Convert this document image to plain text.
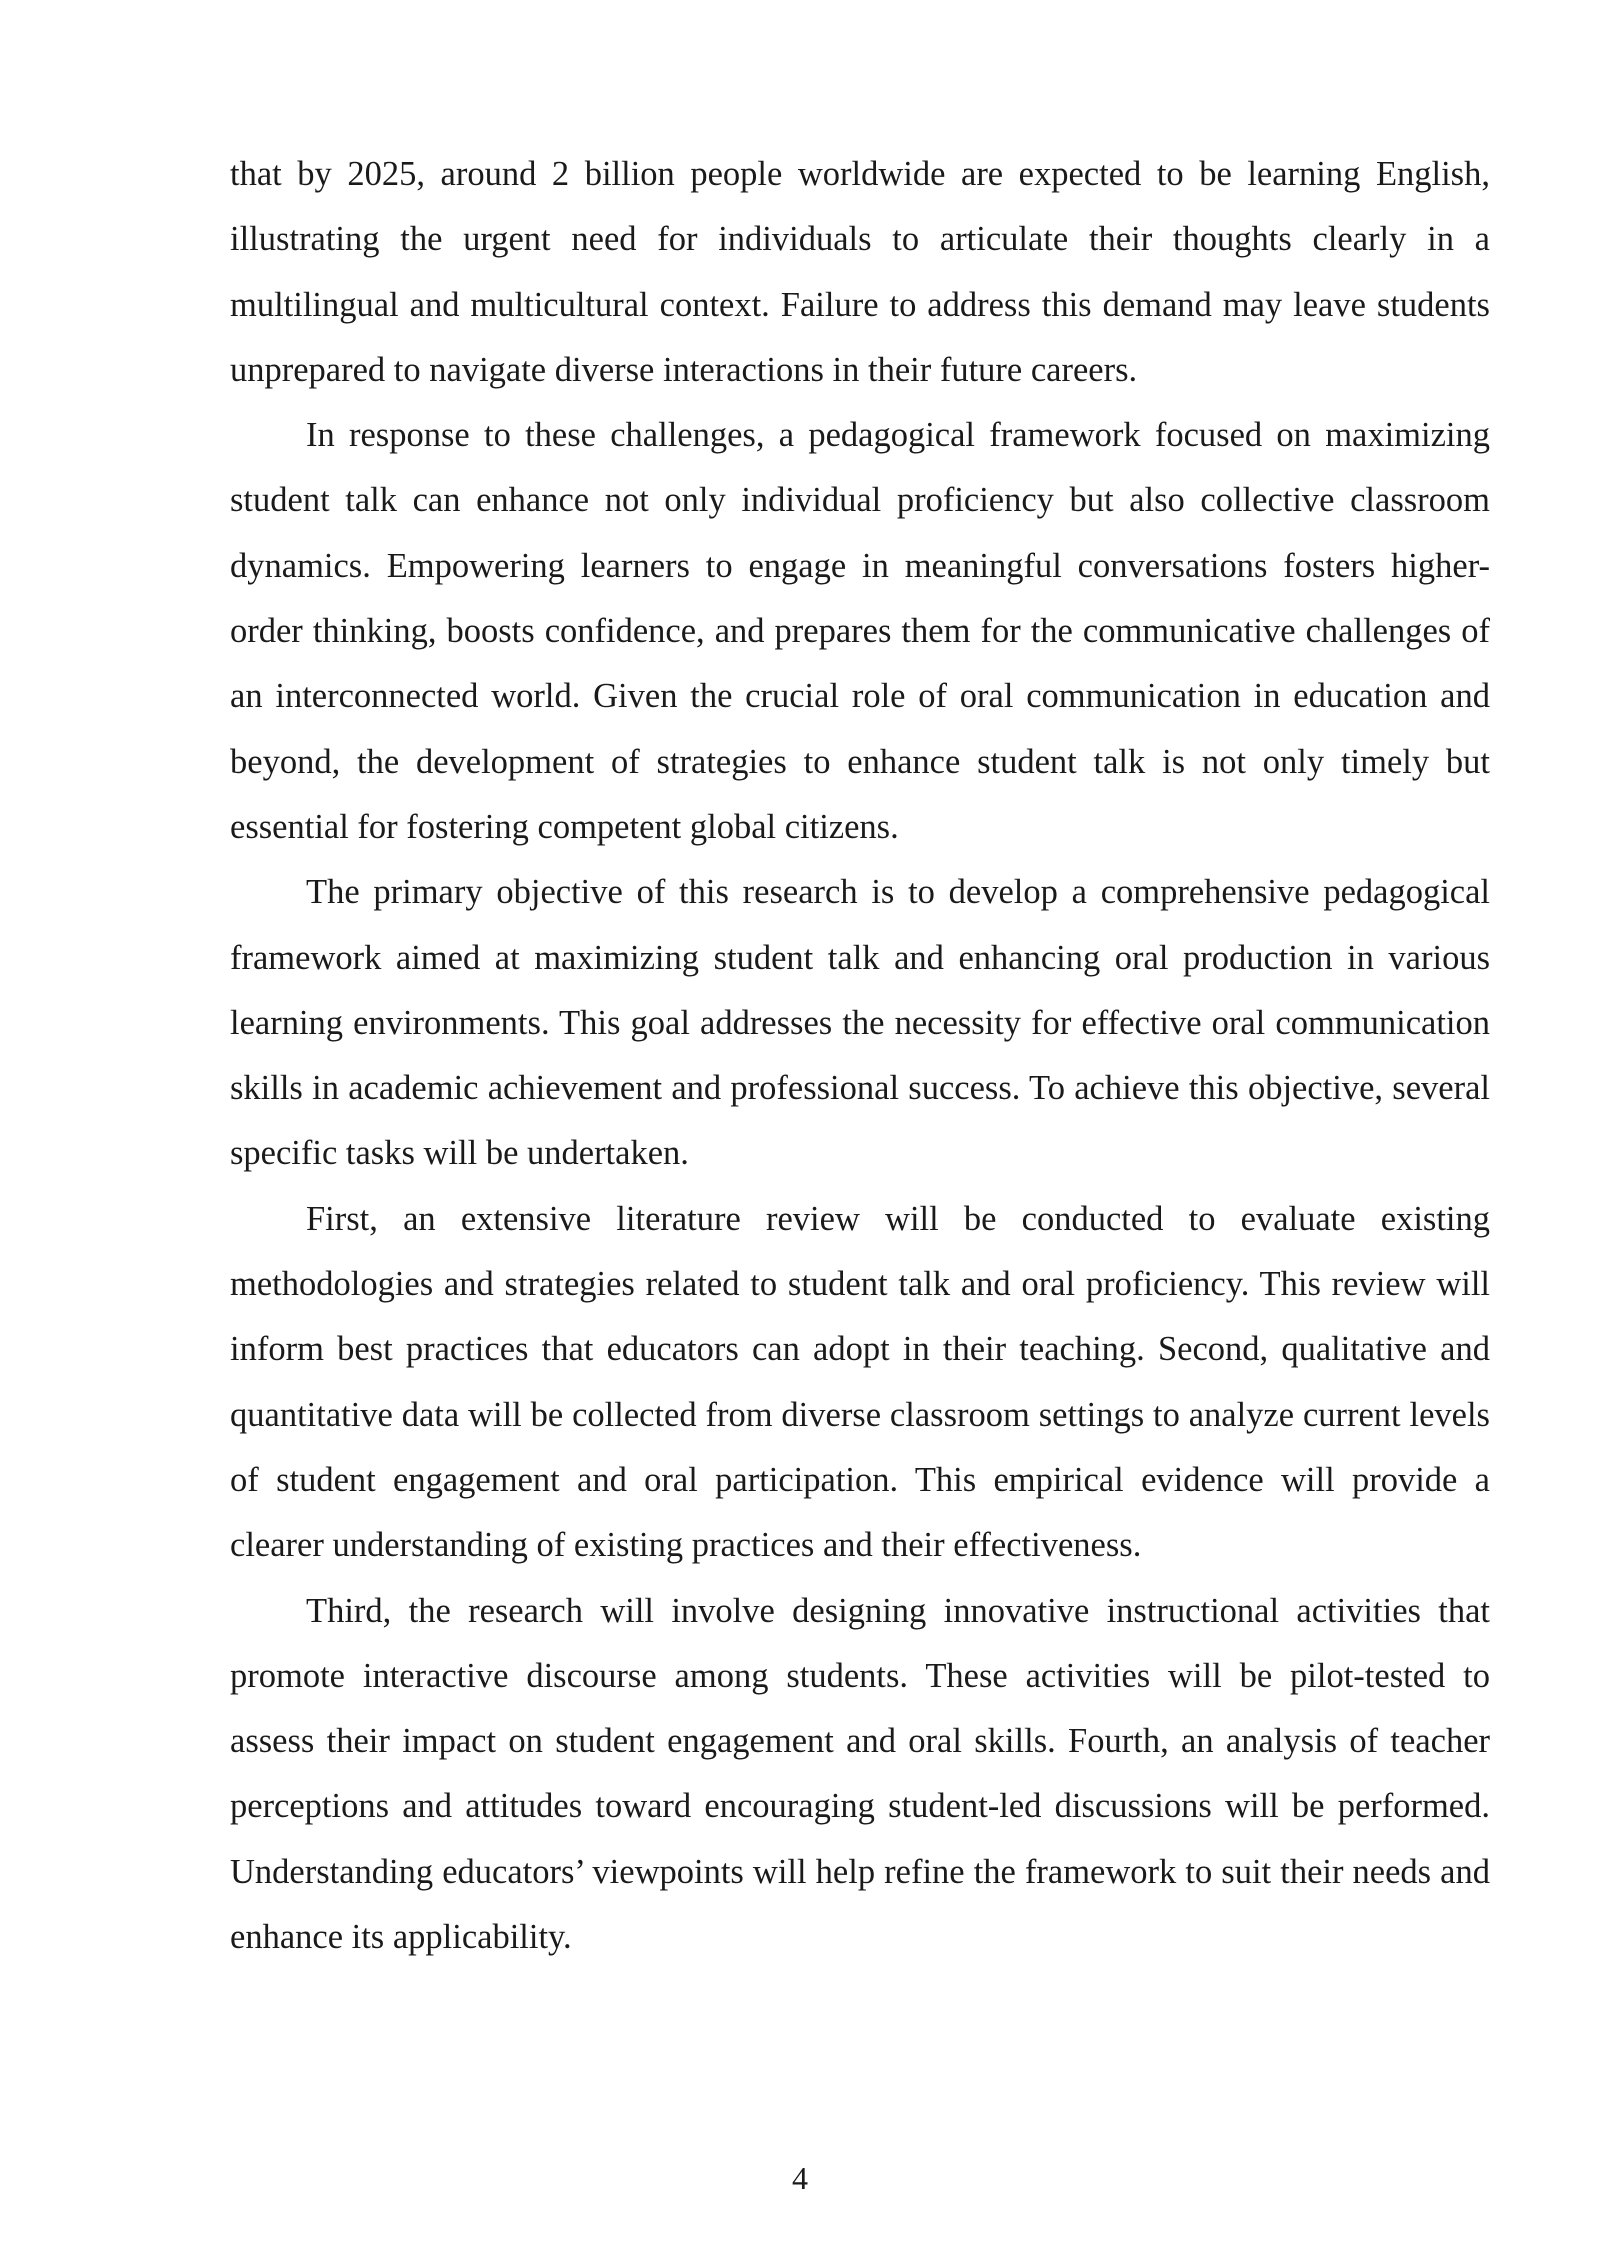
that by 2025, around 2 billion people worldwide are expected to be learning English, illustrating the urgent need for individuals to articulate their thoughts clearly in a multilingual and multicultural context. Failure to address this demand may leave students unprepared to navigate diverse interactions in their future careers.

In response to these challenges, a pedagogical framework focused on maximizing student talk can enhance not only individual proficiency but also collective classroom dynamics. Empowering learners to engage in meaningful conversations fosters higher-order thinking, boosts confidence, and prepares them for the communicative challenges of an interconnected world. Given the crucial role of oral communication in education and beyond, the development of strategies to enhance student talk is not only timely but essential for fostering competent global citizens.

The primary objective of this research is to develop a comprehensive pedagogical framework aimed at maximizing student talk and enhancing oral production in various learning environments. This goal addresses the necessity for effective oral communication skills in academic achievement and professional success. To achieve this objective, several specific tasks will be undertaken.

First, an extensive literature review will be conducted to evaluate existing methodologies and strategies related to student talk and oral proficiency. This review will inform best practices that educators can adopt in their teaching. Second, qualitative and quantitative data will be collected from diverse classroom settings to analyze current levels of student engagement and oral participation. This empirical evidence will provide a clearer understanding of existing practices and their effectiveness.

Third, the research will involve designing innovative instructional activities that promote interactive discourse among students. These activities will be pilot-tested to assess their impact on student engagement and oral skills. Fourth, an analysis of teacher perceptions and attitudes toward encouraging student-led discussions will be performed. Understanding educators’ viewpoints will help refine the framework to suit their needs and enhance its applicability.

4
